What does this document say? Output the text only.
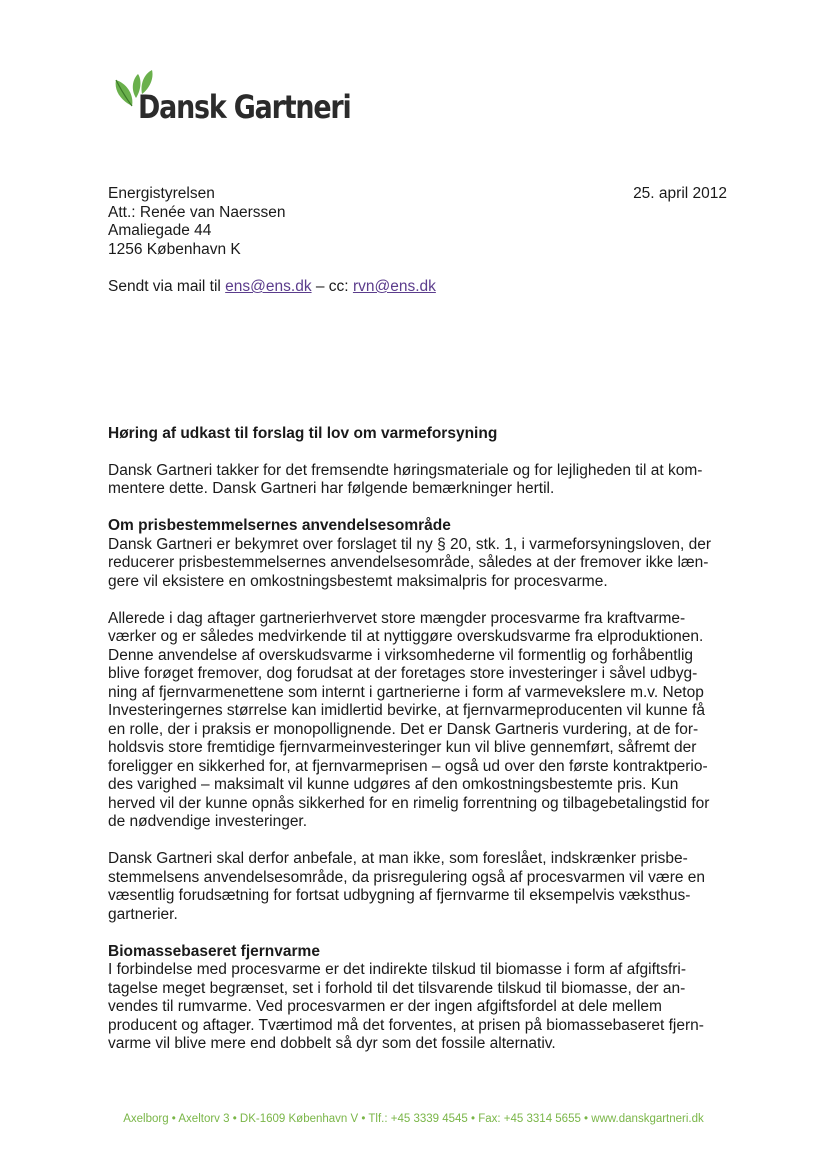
Dansk Gartneri
Energistyrelsen
Att.: Renée van Naerssen
Amaliegade 44
1256 København K
25. april 2012
Sendt via mail til ens@ens.dk – cc: rvn@ens.dk
Høring af udkast til forslag til lov om varmeforsyning

Dansk Gartneri takker for det fremsendte høringsmateriale og for lejligheden til at kom-
mentere dette. Dansk Gartneri har følgende bemærkninger hertil.

Om prisbestemmelsernes anvendelsesområde

Dansk Gartneri er bekymret over forslaget til ny § 20, stk. 1, i varmeforsyningsloven, der
reducerer prisbestemmelsernes anvendelsesområde, således at der fremover ikke læn-
gere vil eksistere en omkostningsbestemt maksimalpris for procesvarme.

Allerede i dag aftager gartnerierhvervet store mængder procesvarme fra kraftvarme-
værker og er således medvirkende til at nyttiggøre overskudsvarme fra elproduktionen.
Denne anvendelse af overskudsvarme i virksomhederne vil formentlig og forhåbentlig
blive forøget fremover, dog forudsat at der foretages store investeringer i såvel udbyg-
ning af fjernvarmenettene som internt i gartnerierne i form af varmevekslere m.v. Netop
Investeringernes størrelse kan imidlertid bevirke, at fjernvarmeproducenten vil kunne få
en rolle, der i praksis er monopollignende. Det er Dansk Gartneris vurdering, at de for-
holdsvis store fremtidige fjernvarmeinvesteringer kun vil blive gennemført, såfremt der
foreligger en sikkerhed for, at fjernvarmeprisen – også ud over den første kontraktperio-
des varighed – maksimalt vil kunne udgøres af den omkostningsbestemte pris. Kun
herved vil der kunne opnås sikkerhed for en rimelig forrentning og tilbagebetalingstid for
de nødvendige investeringer.

Dansk Gartneri skal derfor anbefale, at man ikke, som foreslået, indskrænker prisbe-
stemmelsens anvendelsesområde, da prisregulering også af procesvarmen vil være en
væsentlig forudsætning for fortsat udbygning af fjernvarme til eksempelvis væksthus-
gartnerier.

Biomassebaseret fjernvarme

I forbindelse med procesvarme er det indirekte tilskud til biomasse i form af afgiftsfri-
tagelse meget begrænset, set i forhold til det tilsvarende tilskud til biomasse, der an-
vendes til rumvarme. Ved procesvarmen er der ingen afgiftsfordel at dele mellem
producent og aftager. Tværtimod må det forventes, at prisen på biomassebaseret fjern-
varme vil blive mere end dobbelt så dyr som det fossile alternativ.

Axelborg • Axeltorv 3 • DK-1609 København V • Tlf.: +45 3339 4545 • Fax: +45 3314 5655 • www.danskgartneri.dk
